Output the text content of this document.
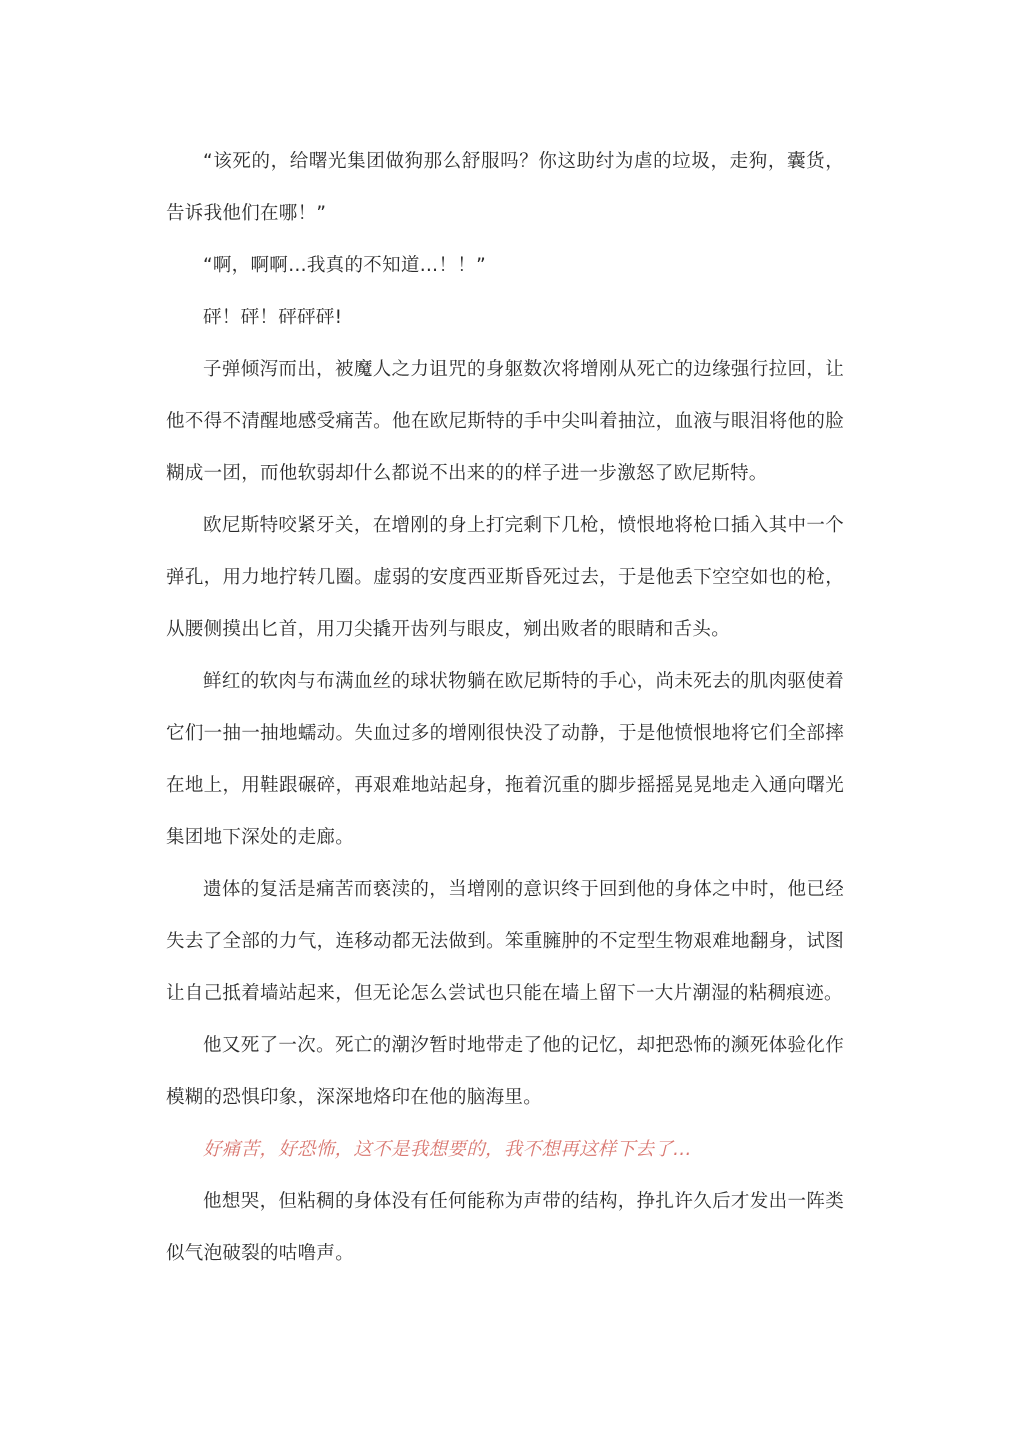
“该死的，给曙光集团做狗那么舒服吗？你这助纣为虐的垃圾，走狗，囊货，告诉我他们在哪！”

“啊，啊啊…我真的不知道…！！”

砰！砰！砰砰砰!

子弹倾泻而出，被魔人之力诅咒的身躯数次将增刚从死亡的边缘强行拉回，让他不得不清醒地感受痛苦。他在欧尼斯特的手中尖叫着抽泣，血液与眼泪将他的脸糊成一团，而他软弱却什么都说不出来的的样子进一步激怒了欧尼斯特。

欧尼斯特咬紧牙关，在增刚的身上打完剩下几枪，愤恨地将枪口插入其中一个弹孔，用力地拧转几圈。虚弱的安度西亚斯昏死过去，于是他丢下空空如也的枪，从腰侧摸出匕首，用刀尖撬开齿列与眼皮，剜出败者的眼睛和舌头。

鲜红的软肉与布满血丝的球状物躺在欧尼斯特的手心，尚未死去的肌肉驱使着它们一抽一抽地蠕动。失血过多的增刚很快没了动静，于是他愤恨地将它们全部摔在地上，用鞋跟碾碎，再艰难地站起身，拖着沉重的脚步摇摇晃晃地走入通向曙光集团地下深处的走廊。

遗体的复活是痛苦而亵渎的，当增刚的意识终于回到他的身体之中时，他已经失去了全部的力气，连移动都无法做到。笨重臃肿的不定型生物艰难地翻身，试图让自己抵着墙站起来，但无论怎么尝试也只能在墙上留下一大片潮湿的粘稠痕迹。

他又死了一次。死亡的潮汐暂时地带走了他的记忆，却把恐怖的濒死体验化作模糊的恐惧印象，深深地烙印在他的脑海里。

好痛苦，好恐怖，这不是我想要的，我不想再这样下去了…

他想哭，但粘稠的身体没有任何能称为声带的结构，挣扎许久后才发出一阵类似气泡破裂的咕噜声。
